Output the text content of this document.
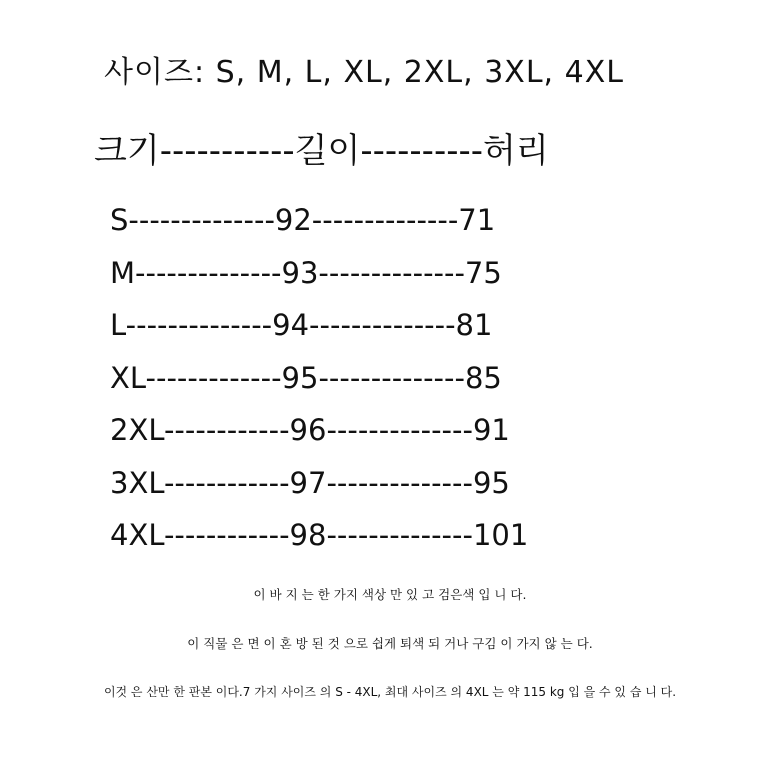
사이즈: S, M, L, XL, 2XL, 3XL, 4XL
크기-----------길이----------허리
S--------------92--------------71
M--------------93--------------75
L--------------94--------------81
XL-------------95--------------85
2XL------------96--------------91
3XL------------97--------------95
4XL------------98--------------101
이 바 지 는 한 가지 색상 만 있 고 검은색 입 니 다.
이 직물 은 면 이 혼 방 된 것 으로 쉽게 퇴색 되 거나 구김 이 가지 않 는 다.
이것 은 산만 한 판본 이다.7 가지 사이즈 의 S - 4XL, 최대 사이즈 의 4XL 는 약 115 kg 입 을 수 있 습 니 다.
